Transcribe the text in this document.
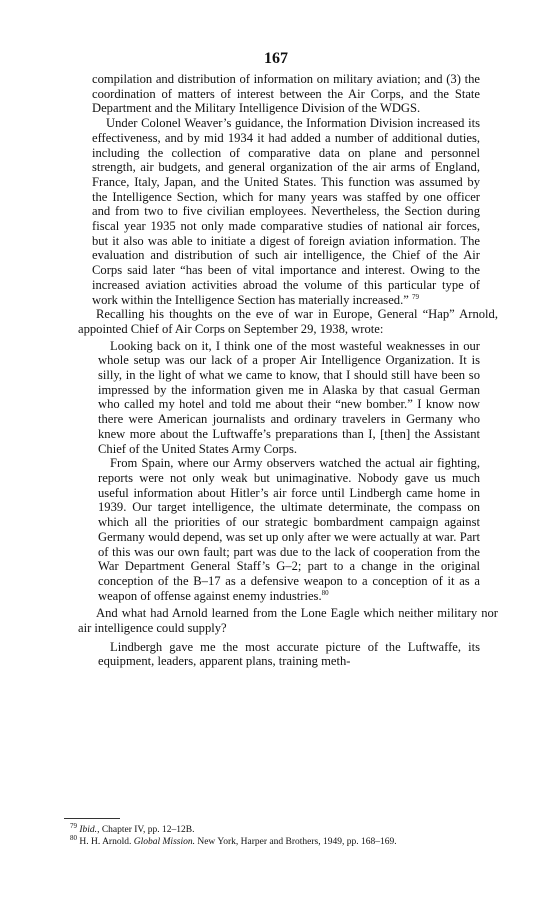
167

compilation and distribution of information on military aviation; and (3) the coordination of matters of interest between the Air Corps, and the State Department and the Military Intelligence Division of the WDGS.

Under Colonel Weaver’s guidance, the Information Division increased its effectiveness, and by mid 1934 it had added a number of additional duties, including the collection of comparative data on plane and personnel strength, air budgets, and general organization of the air arms of England, France, Italy, Japan, and the United States. This function was assumed by the Intelligence Section, which for many years was staffed by one officer and from two to five civilian employees. Nevertheless, the Section during fiscal year 1935 not only made comparative studies of national air forces, but it also was able to initiate a digest of foreign aviation information. The evaluation and distribution of such air intelligence, the Chief of the Air Corps said later “has been of vital importance and interest. Owing to the increased aviation activities abroad the volume of this particular type of work within the Intelligence Section has materially increased.” $^{79}$

Recalling his thoughts on the eve of war in Europe, General “Hap” Arnold, appointed Chief of Air Corps on September 29, 1938, wrote:

Looking back on it, I think one of the most wasteful weaknesses in our whole setup was our lack of a proper Air Intelligence Organization. It is silly, in the light of what we came to know, that I should still have been so impressed by the information given me in Alaska by that casual German who called my hotel and told me about their “new bomber.” I know now there were American journalists and ordinary travelers in Germany who knew more about the Luftwaffe’s preparations than I, [then] the Assistant Chief of the United States Army Corps.

From Spain, where our Army observers watched the actual air fighting, reports were not only weak but unimaginative. Nobody gave us much useful information about Hitler’s air force until Lindbergh came home in 1939. Our target intelligence, the ultimate determinate, the compass on which all the priorities of our strategic bombardment campaign against Germany would depend, was set up only after we were actually at war. Part of this was our own fault; part was due to the lack of cooperation from the War Department General Staff’s G–2; part to a change in the original conception of the B–17 as a defensive weapon to a conception of it as a weapon of offense against enemy industries.$^{80}$

And what had Arnold learned from the Lone Eagle which neither military nor air intelligence could supply?

Lindbergh gave me the most accurate picture of the Luftwaffe, its equipment, leaders, apparent plans, training meth-

$^{79}$ Ibid., Chapter IV, pp. 12–12B.

$^{80}$ H. H. Arnold. Global Mission. New York, Harper and Brothers, 1949, pp. 168–169.
